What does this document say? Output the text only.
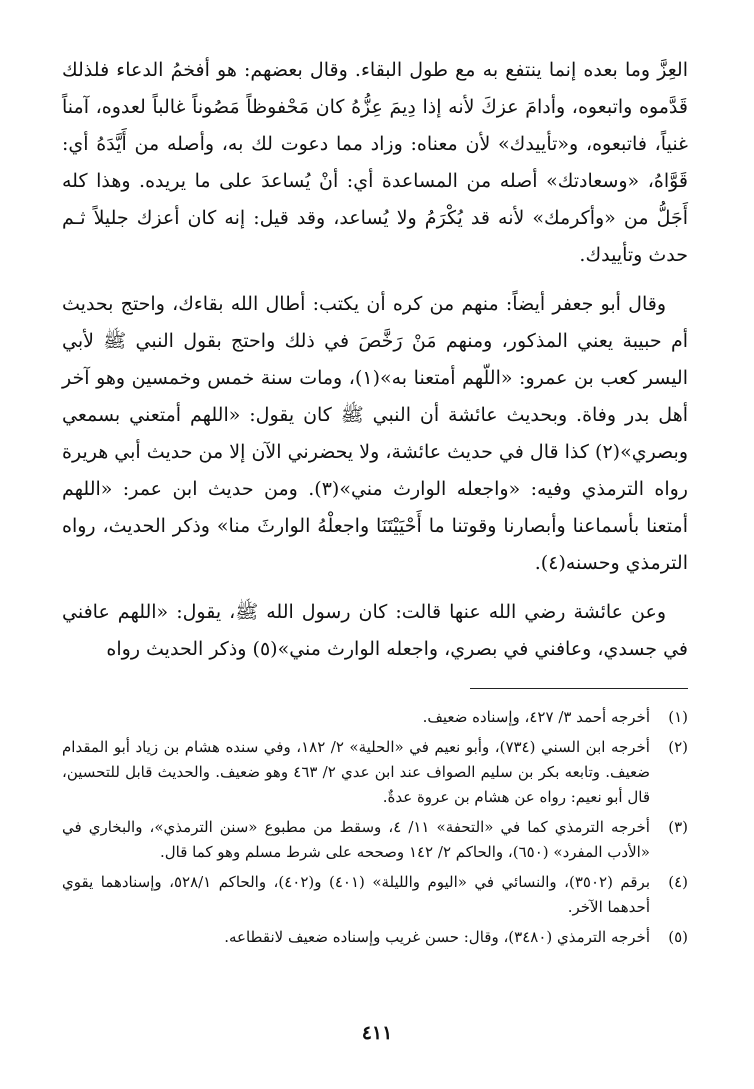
العِزَّ وما بعده إنما ينتفع به مع طول البقاء. وقال بعضهم: هو أفخمُ الدعاء فلذلك قَدَّموه واتبعوه، وأدامَ عزكَ لأنه إذا دِيمَ عِزُّهُ كان مَحْفوظاً مَصُوناً غالباً لعدوه، آمناً غنياً، فاتبعوه، و«تأييدك» لأن معناه: وزاد مما دعوت لك به، وأصله من أَيَّدَهُ أي: قَوَّاهُ، «وسعادتك» أصله من المساعدة أي: أنْ يُساعدَ على ما يريده. وهذا كله أَجَلُّ من «وأكرمك» لأنه قد يُكْرَمُ ولا يُساعد، وقد قيل: إنه كان أعزك جليلاً ثـم حدث وتأييدك.

وقال أبو جعفر أيضاً: منهم من كره أن يكتب: أطال الله بقاءك، واحتج بحديث أم حبيبة يعني المذكور، ومنهم مَنْ رَخَّصَ في ذلك واحتج بقول النبي ﷺ لأبي اليسر كعب بن عمرو: «اللّهم أمتعنا به»(١)، ومات سنة خمس وخمسين وهو آخر أهل بدر وفاة. وبحديث عائشة أن النبي ﷺ كان يقول: «اللهم أمتعني بسمعي وبصري»(٢) كذا قال في حديث عائشة، ولا يحضرني الآن إلا من حديث أبي هريرة رواه الترمذي وفيه: «واجعله الوارث مني»(٣). ومن حديث ابن عمر: «اللهم أمتعنا بأسماعنا وأبصارنا وقوتنا ما أَحْيَيْتَنَا واجعلْهُ الوارثَ منا» وذكر الحديث، رواه الترمذي وحسنه(٤).

وعن عائشة رضي الله عنها قالت: كان رسول الله ﷺ، يقول: «اللهم عافني في جسدي، وعافني في بصري، واجعله الوارث مني»(٥) وذكر الحديث رواه

(١)
أخرجه أحمد ٣/ ٤٢٧، وإسناده ضعيف.
(٢)
أخرجه ابن السني (٧٣٤)، وأبو نعيم في «الحلية» ٢/ ١٨٢، وفي سنده هشام بن زياد أبو المقدام ضعيف. وتابعه بكر بن سليم الصواف عند ابن عدي ٢/ ٤٦٣ وهو ضعيف. والحديث قابل للتحسين، قال أبو نعيم: رواه عن هشام بن عروة عدةٌ.
(٣)
أخرجه الترمذي كما في «التحفة» ١١/ ٤، وسقط من مطبوع «سنن الترمذي»، والبخاري في «الأدب المفرد» (٦٥٠)، والحاكم ٢/ ١٤٢ وصححه على شرط مسلم وهو كما قال.
(٤)
برقم (٣٥٠٢)، والنسائي في «اليوم والليلة» (٤٠١) و(٤٠٢)، والحاكم ٥٢٨/١، وإسنادهما يقوي أحدهما الآخر.
(٥)
أخرجه الترمذي (٣٤٨٠)، وقال: حسن غريب وإسناده ضعيف لانقطاعه.
٤١١
